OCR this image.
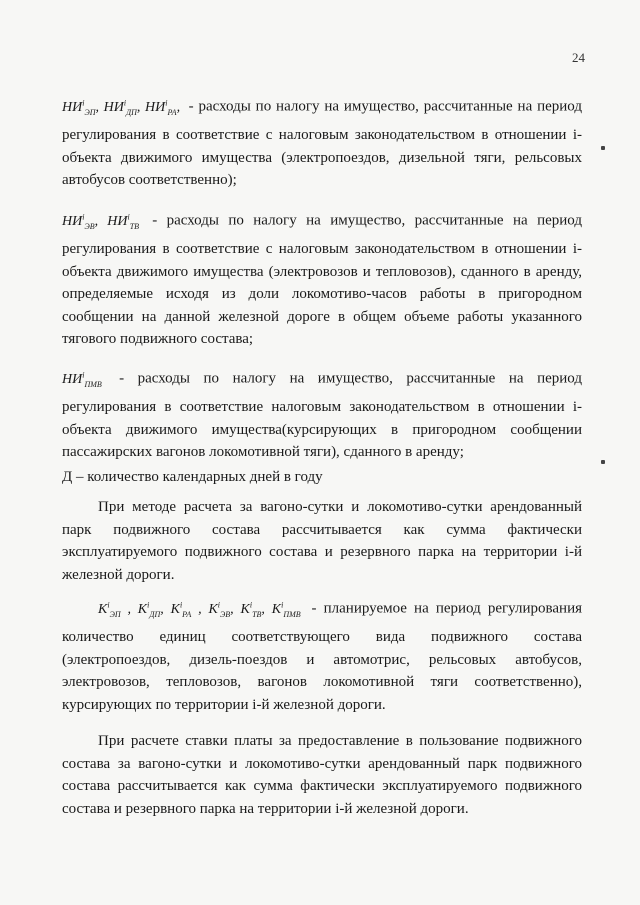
24
$НИ^i_{ЭП}$, $НИ^i_{ДП}$, $НИ^i_{РА}$, - расходы по налогу на имущество, рассчитанные на период регулирования в соответствие с налоговым законодательством в отношении i-объекта движимого имущества (электропоездов, дизельной тяги, рельсовых автобусов соответственно);
$НИ^i_{ЭВ}$, $НИ^i_{ТВ}$ - расходы по налогу на имущество, рассчитанные на период регулирования в соответствие с налоговым законодательством в отношении i-объекта движимого имущества (электровозов и тепловозов), сданного в аренду, определяемые исходя из доли локомотиво-часов работы в пригородном сообщении на данной железной дороге в общем объеме работы указанного тягового подвижного состава;
$НИ^i_{ПМВ}$ - расходы по налогу на имущество, рассчитанные на период регулирования в соответствие налоговым законодательством в отношении i-объекта движимого имущества(курсирующих в пригородном сообщении пассажирских вагонов локомотивной тяги), сданного в аренду;
Д – количество календарных дней в году
При методе расчета за вагоно-сутки и локомотиво-сутки арендованный парк подвижного состава рассчитывается как сумма фактически эксплуатируемого подвижного состава и резервного парка на территории i-й железной дороги.
$K^i_{ЭП}$ , $K^i_{ДП}$, $K^i_{РА}$ , $K^i_{ЭВ}$, $K^i_{ТВ}$, $K^i_{ПМВ}$ - планируемое на период регулирования количество единиц соответствующего вида подвижного состава (электропоездов, дизель-поездов и автомотрис, рельсовых автобусов, электровозов, тепловозов, вагонов локомотивной тяги соответственно), курсирующих по территории i-й железной дороги.
При расчете ставки платы за предоставление в пользование подвижного состава за вагоно-сутки и локомотиво-сутки арендованный парк подвижного состава рассчитывается как сумма фактически эксплуатируемого подвижного состава и резервного парка на территории i-й железной дороги.
